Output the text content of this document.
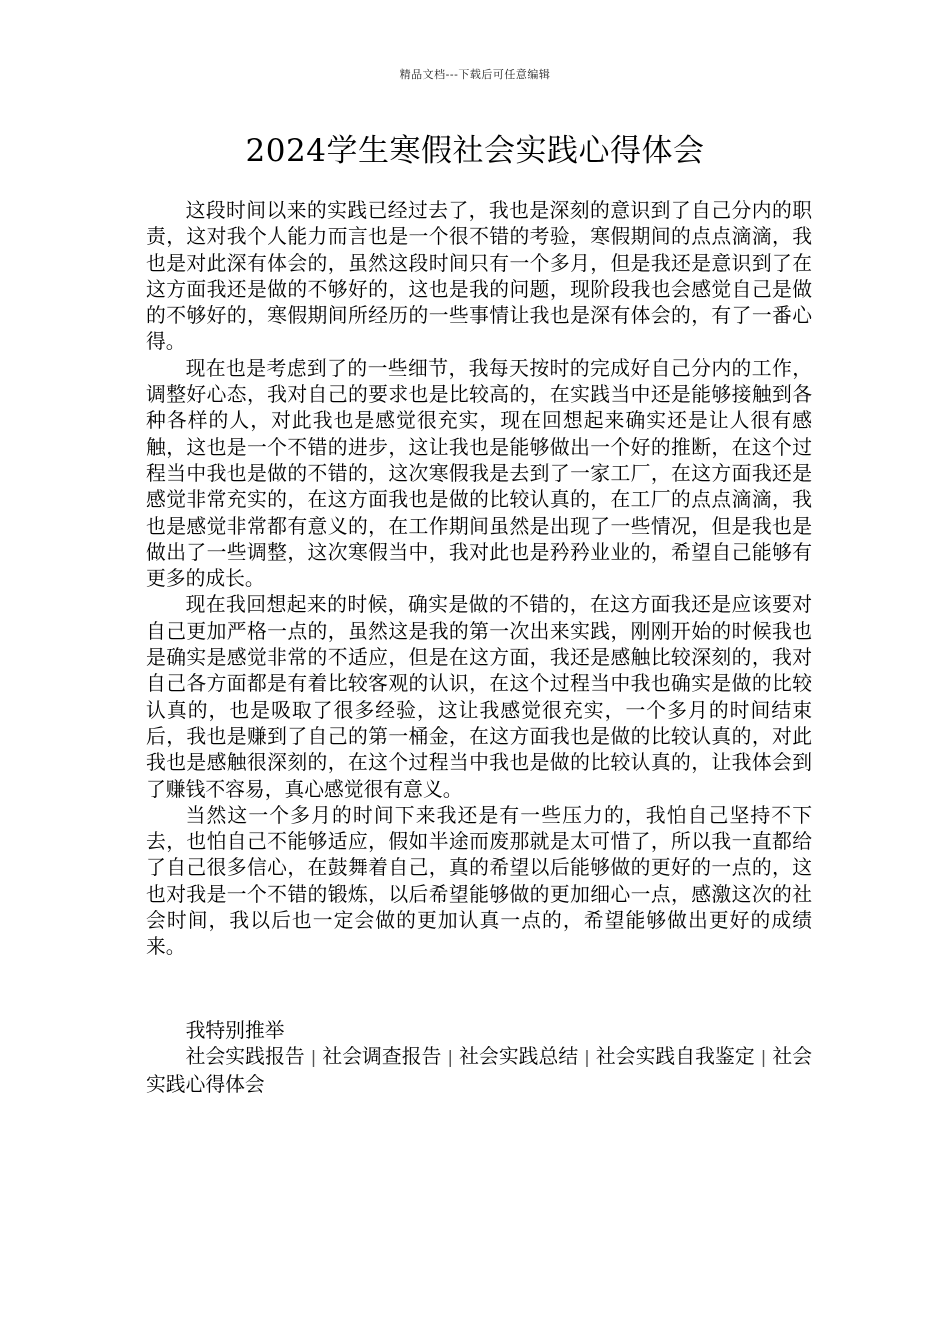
精品文档---下载后可任意编辑
2024学生寒假社会实践心得体会

这段时间以来的实践已经过去了，我也是深刻的意识到了自己分内的职责，这对我个人能力而言也是一个很不错的考验，寒假期间的点点滴滴，我也是对此深有体会的，虽然这段时间只有一个多月，但是我还是意识到了在这方面我还是做的不够好的，这也是我的问题，现阶段我也会感觉自己是做的不够好的，寒假期间所经历的一些事情让我也是深有体会的，有了一番心得。

现在也是考虑到了的一些细节，我每天按时的完成好自己分内的工作，调整好心态，我对自己的要求也是比较高的，在实践当中还是能够接触到各种各样的人，对此我也是感觉很充实，现在回想起来确实还是让人很有感触，这也是一个不错的进步，这让我也是能够做出一个好的推断，在这个过程当中我也是做的不错的，这次寒假我是去到了一家工厂，在这方面我还是感觉非常充实的，在这方面我也是做的比较认真的，在工厂的点点滴滴，我也是感觉非常都有意义的，在工作期间虽然是出现了一些情况，但是我也是做出了一些调整，这次寒假当中，我对此也是矜矜业业的，希望自己能够有更多的成长。

现在我回想起来的时候，确实是做的不错的，在这方面我还是应该要对自己更加严格一点的，虽然这是我的第一次出来实践，刚刚开始的时候我也是确实是感觉非常的不适应，但是在这方面，我还是感触比较深刻的，我对自己各方面都是有着比较客观的认识，在这个过程当中我也确实是做的比较认真的，也是吸取了很多经验，这让我感觉很充实，一个多月的时间结束后，我也是赚到了自己的第一桶金，在这方面我也是做的比较认真的，对此我也是感触很深刻的，在这个过程当中我也是做的比较认真的，让我体会到了赚钱不容易，真心感觉很有意义。

当然这一个多月的时间下来我还是有一些压力的，我怕自己坚持不下去，也怕自己不能够适应，假如半途而废那就是太可惜了，所以我一直都给了自己很多信心，在鼓舞着自己，真的希望以后能够做的更好的一点的，这也对我是一个不错的锻炼，以后希望能够做的更加细心一点，感激这次的社会时间，我以后也一定会做的更加认真一点的，希望能够做出更好的成绩来。

我特别推举
社会实践报告 | 社会调查报告 | 社会实践总结 | 社会实践自我鉴定 | 社会实践心得体会
